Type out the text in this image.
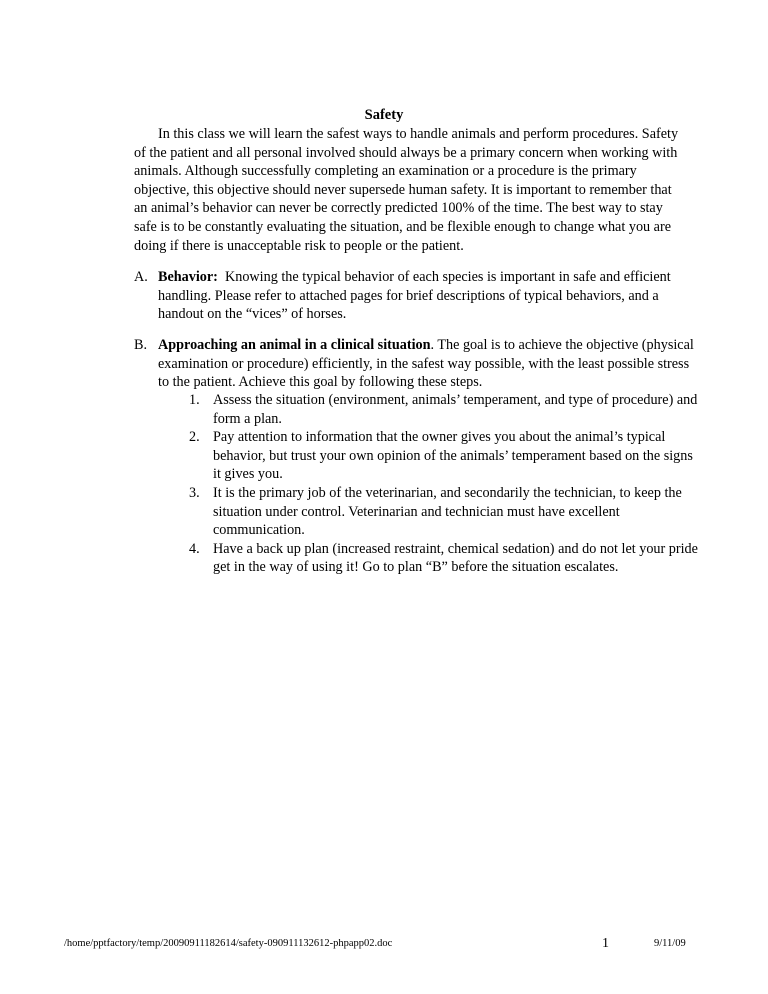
Safety

In this class we will learn the safest ways to handle animals and perform procedures. Safety of the patient and all personal involved should always be a primary concern when working with animals. Although successfully completing an examination or a procedure is the primary objective, this objective should never supersede human safety. It is important to remember that an animal’s behavior can never be correctly predicted 100% of the time. The best way to stay safe is to be constantly evaluating the situation, and be flexible enough to change what you are doing if there is unacceptable risk to people or the patient.

A. Behavior: Knowing the typical behavior of each species is important in safe and efficient handling. Please refer to attached pages for brief descriptions of typical behaviors, and a handout on the “vices” of horses.
B. Approaching an animal in a clinical situation. The goal is to achieve the objective (physical examination or procedure) efficiently, in the safest way possible, with the least possible stress to the patient. Achieve this goal by following these steps.
1. Assess the situation (environment, animals’ temperament, and type of procedure) and form a plan.
2. Pay attention to information that the owner gives you about the animal’s typical behavior, but trust your own opinion of the animals’ temperament based on the signs it gives you.
3. It is the primary job of the veterinarian, and secondarily the technician, to keep the situation under control. Veterinarian and technician must have excellent communication.
4. Have a back up plan (increased restraint, chemical sedation) and do not let your pride get in the way of using it! Go to plan “B” before the situation escalates.
/home/pptfactory/temp/20090911182614/safety-090911132612-phpapp02.doc	1	9/11/09
